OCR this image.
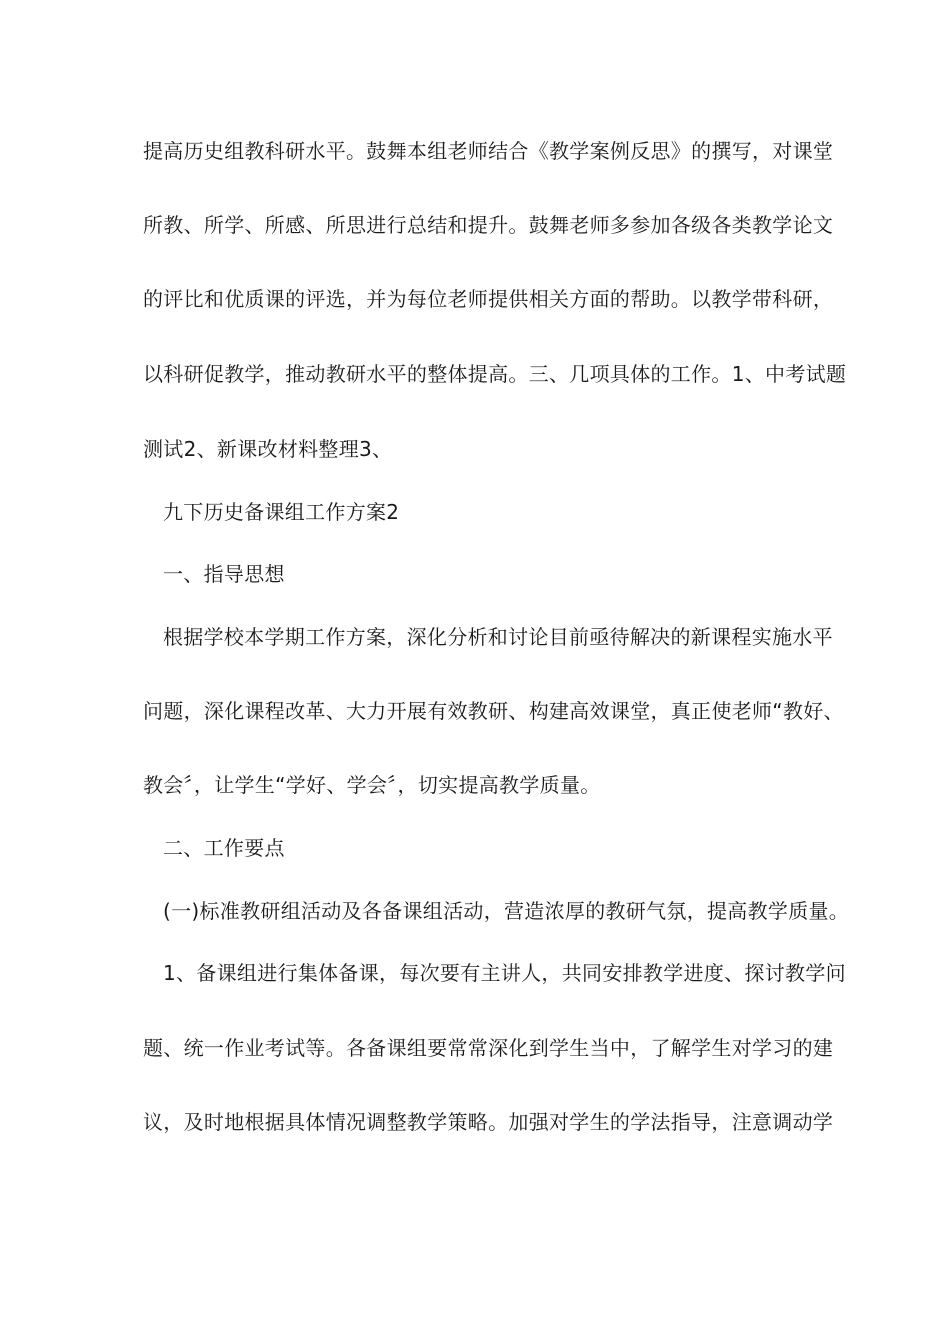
提高历史组教科研水平。鼓舞本组老师结合《教学案例反思》的撰写，对课堂
所教、所学、所感、所思进行总结和提升。鼓舞老师多参加各级各类教学论文
的评比和优质课的评选，并为每位老师提供相关方面的帮助。以教学带科研，
以科研促教学，推动教研水平的整体提高。三、几项具体的工作。1、中考试题
测试2、新课改材料整理3、
九下历史备课组工作方案2
一、指导思想
根据学校本学期工作方案，深化分析和讨论目前亟待解决的新课程实施水平
问题，深化课程改革、大力开展有效教研、构建高效课堂，真正使老师“教好、
教会〞，让学生“学好、学会〞，切实提高教学质量。
二、工作要点
(一)标准教研组活动及各备课组活动，营造浓厚的教研气氛，提高教学质量。
1、备课组进行集体备课，每次要有主讲人，共同安排教学进度、探讨教学问
题、统一作业考试等。各备课组要常常深化到学生当中，了解学生对学习的建
议，及时地根据具体情况调整教学策略。加强对学生的学法指导，注意调动学
